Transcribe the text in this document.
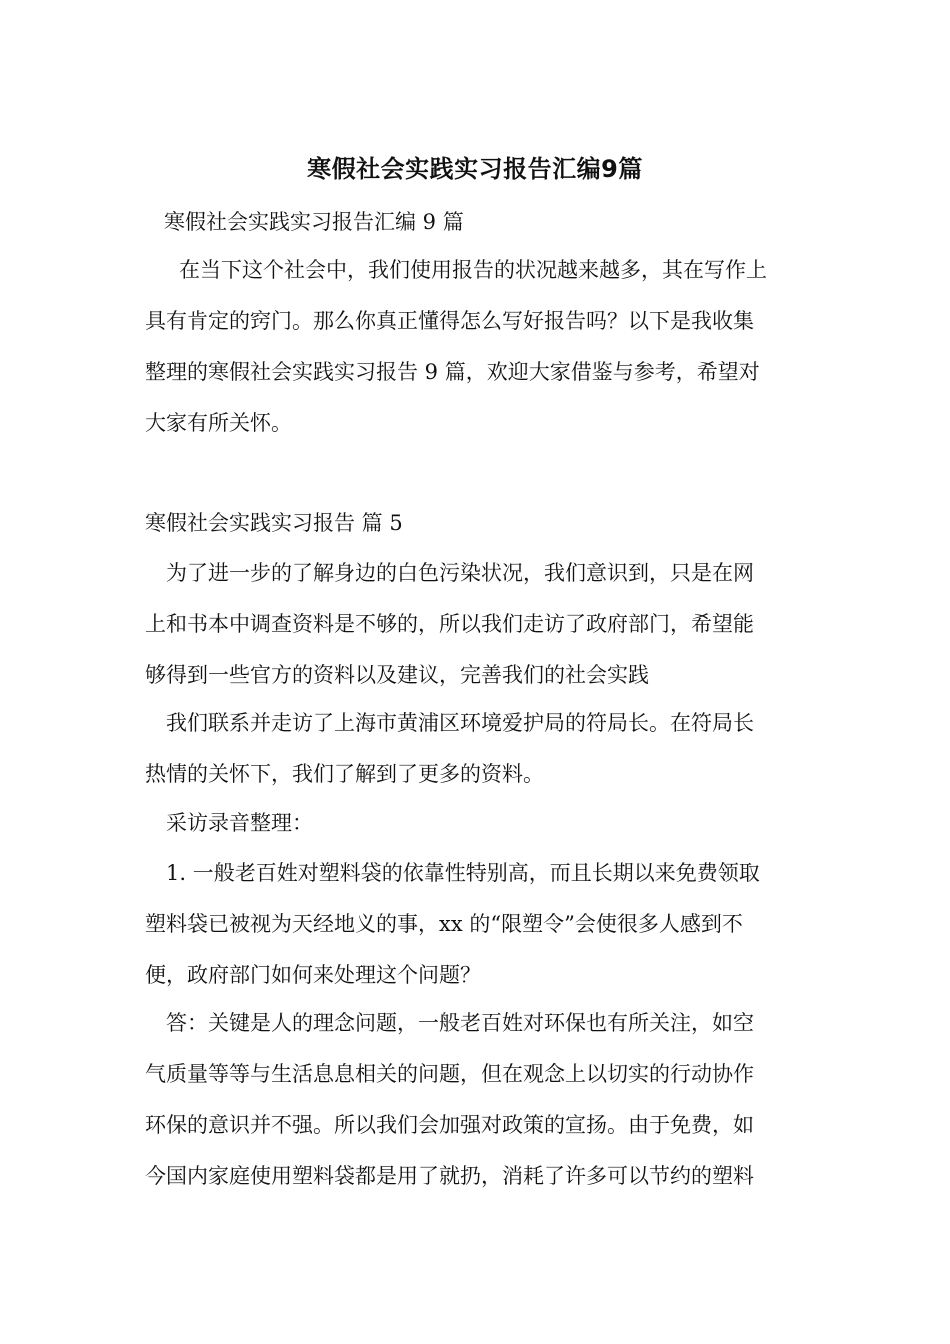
寒假社会实践实习报告汇编9篇
寒假社会实践实习报告汇编 9 篇
在当下这个社会中，我们使用报告的状况越来越多，其在写作上
具有肯定的窍门。那么你真正懂得怎么写好报告吗？以下是我收集
整理的寒假社会实践实习报告 9 篇，欢迎大家借鉴与参考，希望对
大家有所关怀。
寒假社会实践实习报告 篇 5
为了进一步的了解身边的白色污染状况，我们意识到，只是在网
上和书本中调查资料是不够的，所以我们走访了政府部门，希望能
够得到一些官方的资料以及建议，完善我们的社会实践
我们联系并走访了上海市黄浦区环境爱护局的符局长。在符局长
热情的关怀下，我们了解到了更多的资料。
采访录音整理：
1. 一般老百姓对塑料袋的依靠性特别高，而且长期以来免费领取
塑料袋已被视为天经地义的事，xx 的“限塑令”会使很多人感到不
便，政府部门如何来处理这个问题？
答：关键是人的理念问题，一般老百姓对环保也有所关注，如空
气质量等等与生活息息相关的问题，但在观念上以切实的行动协作
环保的意识并不强。所以我们会加强对政策的宣扬。由于免费，如
今国内家庭使用塑料袋都是用了就扔，消耗了许多可以节约的塑料
